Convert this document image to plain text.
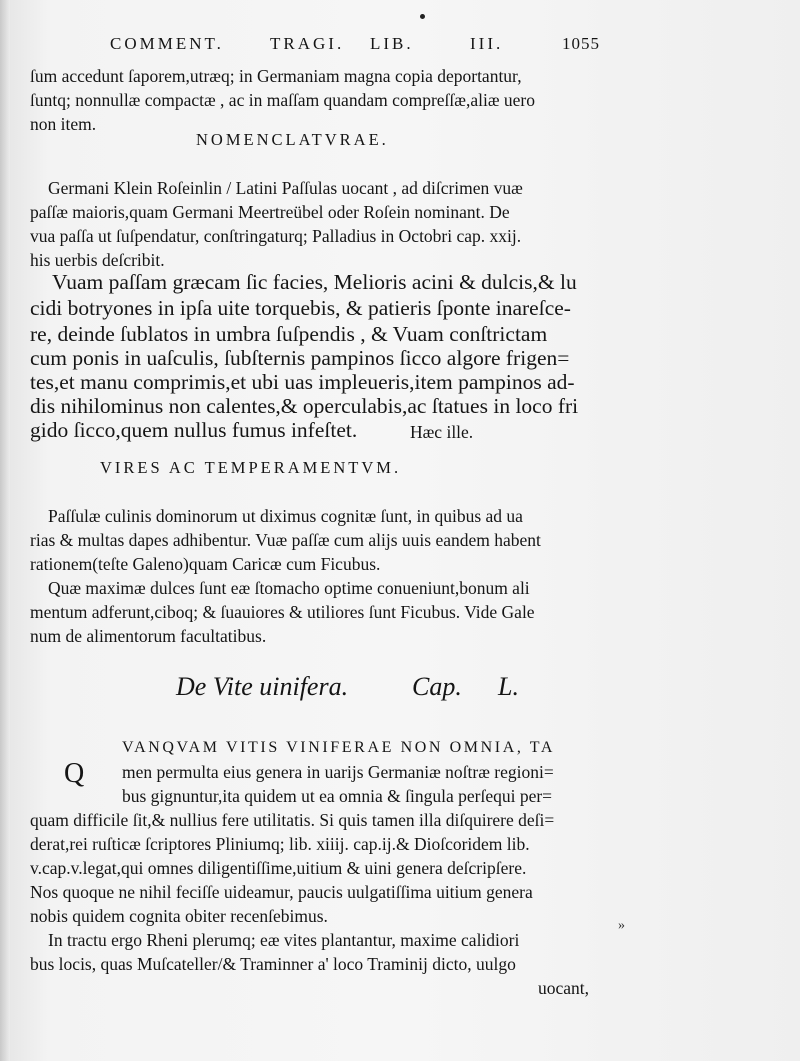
COMMENT.	TRAGI. LIB.	III.	1055
ſum accedunt ſaporem,utræq; in Germaniam magna copia deportantur,
ſuntq; nonnullæ compactæ , ac in maſſam quandam compreſſæ,aliæ uero
non item.
NOMENCLATVRAE.
Germani Klein Roſeinlin / Latini Paſſulas uocant , ad diſcrimen vuæ
paſſæ maioris,quam Germani Meertreübel oder Roſein nominant. De
vua paſſa ut ſuſpendatur, conſtringaturq; Palladius in Octobri cap. xxij.
his uerbis deſcribit.
Vuam paſſam græcam ſic facies, Melioris acini & dulcis,& lu
cidi botryones in ipſa uite torquebis, & patieris ſponte inareſce-
re, deinde ſublatos in umbra ſuſpendis , & Vuam conſtrictam
cum ponis in uaſculis, ſubſternis pampinos ſicco algore frigen=
tes,et manu comprimis,et ubi uas impleueris,item pampinos ad-
dis nihilominus non calentes,& operculabis,ac ſtatues in loco fri
gido ſicco,quem nullus fumus infeſtet.	Hæc ille.
VIRES AC TEMPERAMENTVM.
Paſſulæ culinis dominorum ut diximus cognitæ ſunt, in quibus ad ua
rias & multas dapes adhibentur. Vuæ paſſæ cum alijs uuis eandem habent
rationem(teſte Galeno)quam Caricæ cum Ficubus.
Quæ maximæ dulces ſunt eæ ſtomacho optime conueniunt,bonum ali
mentum adferunt,ciboq; & ſuauiores & utiliores ſunt Ficubus. Vide Gale
num de alimentorum facultatibus.
De Vite uinifera. Cap. L.
Q
VANQVAM VITIS VINIFERAE NON OMNIA, TA
men permulta eius genera in uarijs Germaniæ noſtræ regioni=
bus gignuntur,ita quidem ut ea omnia & ſingula perſequi per=
quam difficile ſit,& nullius fere utilitatis. Si quis tamen illa diſquirere deſi=
derat,rei ruſticæ ſcriptores Pliniumq; lib. xiiij. cap.ij.& Dioſcoridem lib.
v.cap.v.legat,qui omnes diligentiſſime,uitium & uini genera deſcripſere.
Nos quoque ne nihil feciſſe uideamur, paucis uulgatiſſima uitium genera
nobis quidem cognita obiter recenſebimus.
In tractu ergo Rheni plerumq; eæ vites plantantur, maxime calidiori
bus locis, quas Muſcateller/& Traminner a' loco Traminij dicto, uulgo
uocant,
»
